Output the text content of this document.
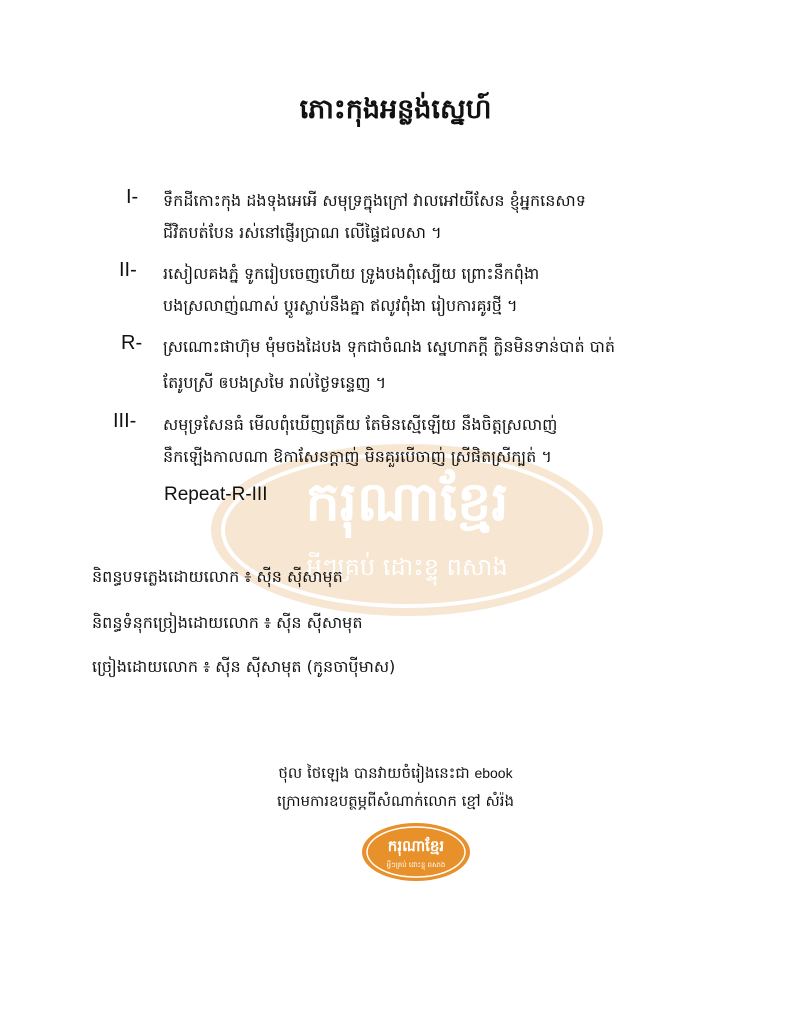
ករុណាខ្មែរ
អ្វីៗគ្រប់ ដោះខ្ទុ ពសាង
ភោះកុងអន្លង់ស្នេហ៍
I- ទឹកដីកោះកុង ដងទុងអេអើ សមុទ្រក្នុងក្រៅ វាលអៅយីសែន ខ្ញុំអ្នកនេសាទ
ជីវិតបត់បែន រស់នៅផ្ញើរប្រាណ លើផ្ទៃជលសា ។
II- រសៀលគងភ្នំ ទូករៀបចេញហើយ ទ្រូងបងពុំស្បើយ ព្រោះនឹកពុំងា
បងស្រលាញ់ណាស់ ប្តូរស្លាប់នឹងគ្នា ឥលូវពុំងា រៀបការគូរថ្មី ។
R- ស្រណោះផាហ៊ុម មុំមចងដៃបង ទុកជាចំណង ស្នេហាភក្តី ក្លិនមិនទាន់បាត់ បាត់
តែរូបស្រី ឲបងស្រមៃ រាល់ថ្ងៃទន្ទេញ ។
III- សមុទ្រសែនធំ មើលពុំឃើញត្រើយ តែមិនស្មើឡើយ នឹងចិត្តស្រលាញ់
នឹកឡើងកាលណា ឱកាសែនក្តាញ់ មិនគួរបើចាញ់ ស្រីផិតស្រីក្បត់ ។
Repeat-R-III
និពន្ធបទភ្លេងដោយលោក ៖ ស៊ីន ស៊ីសាមុត
និពន្ធទំនុកច្រៀងដោយលោក ៖ ស៊ីន ស៊ីសាមុត
ច្រៀងដោយលោក ៖ ស៊ីន ស៊ីសាមុត (កូនចាប៉ីមាស)
ថុល ថៃឡេង បានវាយចំរៀងនេះជា ebook
ក្រោមការឧបត្ថម្ភពីសំណាក់លោក ខ្មៅ សំរ៉ង
ករុណាខ្មែរ
អ្វីៗគ្រប់ ដោះខ្ទុ ពសាង
